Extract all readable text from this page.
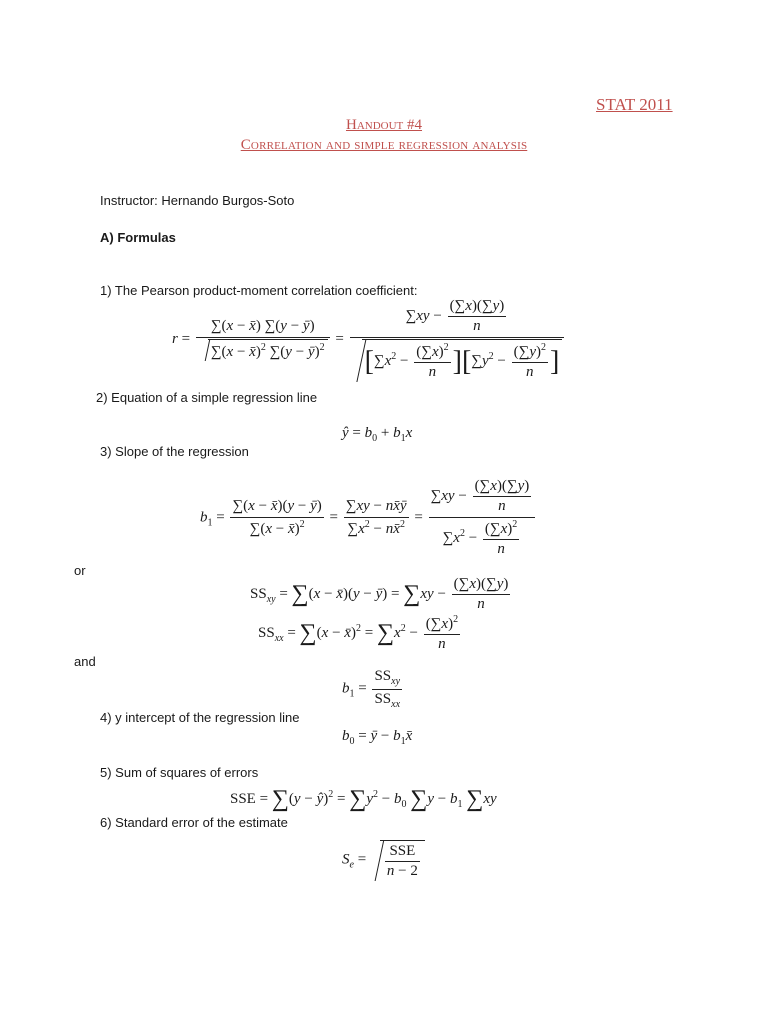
STAT 2011
Handout #4
Correlation and simple regression analysis
Instructor: Hernando Burgos-Soto
A) Formulas
1) The Pearson product-moment correlation coefficient:
$r = \frac{\sum(x - x̄) \sum(y - ȳ)}{\sum(x - x̄)^2 \sum(y - ȳ)^2} = \frac{\sum xy - \frac{(\sum x)(\sum y)}{n}}{[\sum x^2 - \frac{(\sum x)^2}{n} ][\sum y^2 - \frac{(\sum y)^2}{n} ]}$
2) Equation of a simple regression line
ŷ = $b_0 + b_1x$
3) Slope of the regression
$b_1 = \frac{\sum(x - x̄)(y - ȳ)}{\sum(x - x̄)^2} = \frac{\sum xy - nx̄ȳ}{\sum x^2 - nx̄^2} = \frac{\sum xy - \frac{(\sum x)(\sum y)}{n}}{\sum x^2 - \frac{(\sum x)^2}{n}}$
or
$SS_{xy} = \sum(x$ − x̄)(y − ȳ) = $\sum xy - \frac{(\sum x)(\sum y)}{n}$
$SS_{xx} = \sum(x$ − x̄)$^2$ = $\sum x^2 - \frac{(\sum x)^2}{n}$
and
$b_1 = \frac{SS_{xy}}{SS_{xx}}$
4) y intercept of the regression line
$b_0$ = ȳ − $b_1x̄$
5) Sum of squares of errors
SSE = ∑(y − ŷ)$^2$ = $\sum y^2 - b_0$ $\sum y - b_1$ ∑xy
6) Standard error of the estimate
$S_e = \frac{\text{SSE}}{n - 2}$
